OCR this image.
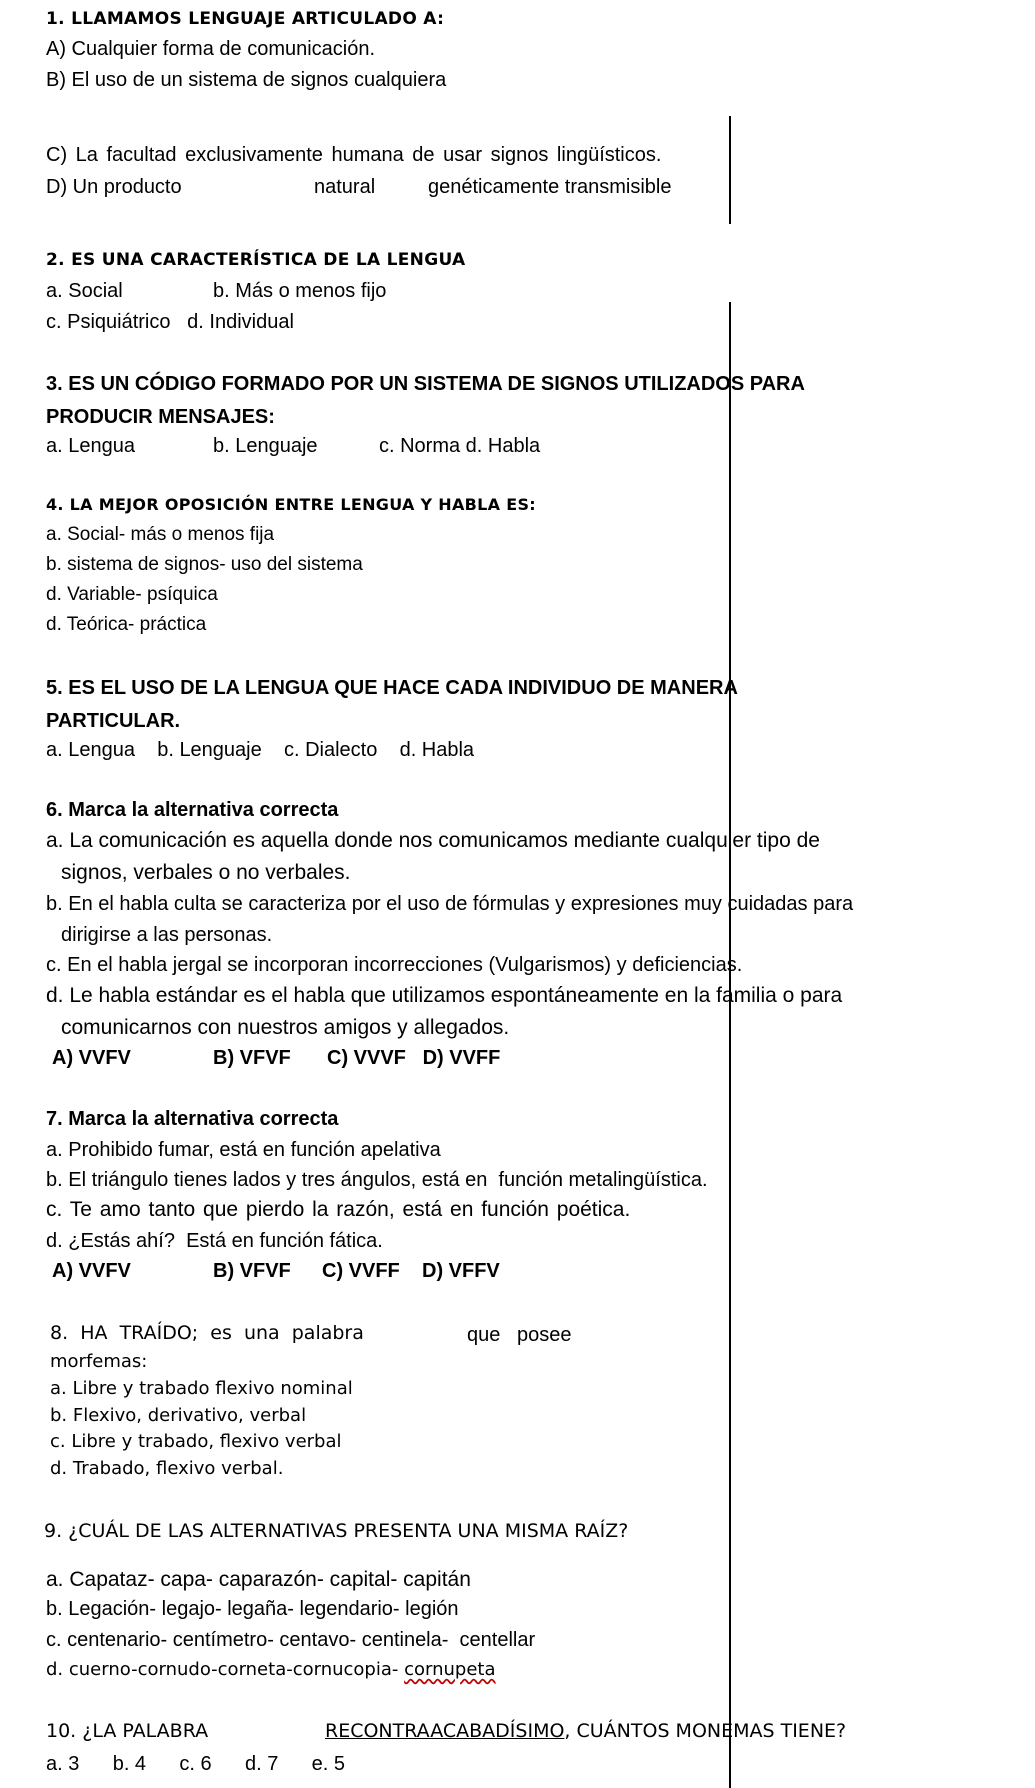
1. LLAMAMOS LENGUAJE ARTICULADO A:
A) Cualquier forma de comunicación.
B) El uso de un sistema de signos cualquiera
C) La facultad exclusivamente humana de usar signos lingüísticos.
D) Un producto	natural	genéticamente transmisible
2. ES UNA CARACTERÍSTICA DE LA LENGUA
a. Social	b. Más o menos fijo
c. Psiquiátrico   d. Individual
3. ES UN CÓDIGO FORMADO POR UN SISTEMA DE SIGNOS UTILIZADOS PARA
PRODUCIR MENSAJES:
a. Lengua	b. Lenguaje	c. Norma d. Habla
4. LA MEJOR OPOSICIÓN ENTRE LENGUA Y HABLA ES:
a. Social- más o menos fija
b. sistema de signos- uso del sistema
d. Variable- psíquica
d. Teórica- práctica
5. ES EL USO DE LA LENGUA QUE HACE CADA INDIVIDUO DE MANERA
PARTICULAR.
a. Lengua    b. Lenguaje    c. Dialecto    d. Habla
6. Marca la alternativa correcta
a. La comunicación es aquella donde nos comunicamos mediante cualquier tipo de
signos, verbales o no verbales.
b. En el habla culta se caracteriza por el uso de fórmulas y expresiones muy cuidadas para
dirigirse a las personas.
c. En el habla jergal se incorporan incorrecciones (Vulgarismos) y deficiencias.
d. Le habla estándar es el habla que utilizamos espontáneamente en la familia o para
comunicarnos con nuestros amigos y allegados.
A) VVFV	B) VFVF C) VVVF   D) VVFF
7. Marca la alternativa correcta
a. Prohibido fumar, está en función apelativa
b. El triángulo tienes lados y tres ángulos, está en  función metalingüística.
c. Te amo tanto que pierdo la razón, está en función poética.
d. ¿Estás ahí?  Está en función fática.
A) VVFV	B) VFVF C) VVFF    D) VFFV
8.  HA  TRAÍDO;  es  una  palabra	que   posee
morfemas:
a. Libre y trabado flexivo nominal
b. Flexivo, derivativo, verbal
c. Libre y trabado, flexivo verbal
d. Trabado, flexivo verbal.
9. ¿CUÁL DE LAS ALTERNATIVAS PRESENTA UNA MISMA RAÍZ?
a. Capataz- capa- caparazón- capital- capitán
b. Legación- legajo- legaña- legendario- legión
c. centenario- centímetro- centavo- centinela-  centellar
d. cuerno-cornudo-corneta-cornucopia- cornupeta
10. ¿LA PALABRA	RECONTRAACABADÍSIMO, CUÁNTOS MONEMAS TIENE?
a. 3      b. 4      c. 6      d. 7      e. 5
